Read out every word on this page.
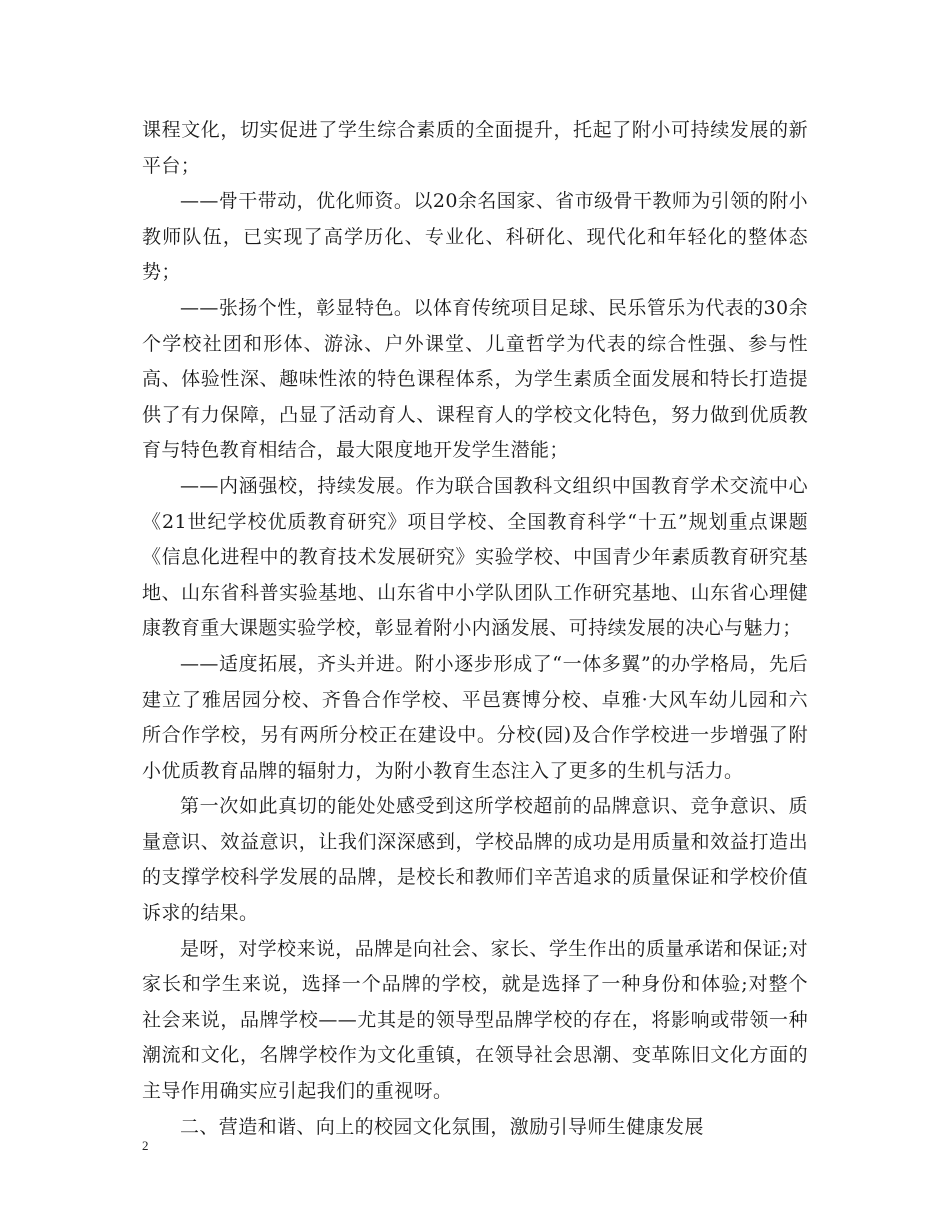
课程文化，切实促进了学生综合素质的全面提升，托起了附小可持续发展的新平台；

——骨干带动，优化师资。以20余名国家、省市级骨干教师为引领的附小教师队伍，已实现了高学历化、专业化、科研化、现代化和年轻化的整体态势；

——张扬个性，彰显特色。以体育传统项目足球、民乐管乐为代表的30余个学校社团和形体、游泳、户外课堂、儿童哲学为代表的综合性强、参与性高、体验性深、趣味性浓的特色课程体系，为学生素质全面发展和特长打造提供了有力保障，凸显了活动育人、课程育人的学校文化特色，努力做到优质教育与特色教育相结合，最大限度地开发学生潜能；

——内涵强校，持续发展。作为联合国教科文组织中国教育学术交流中心《21世纪学校优质教育研究》项目学校、全国教育科学“十五”规划重点课题《信息化进程中的教育技术发展研究》实验学校、中国青少年素质教育研究基地、山东省科普实验基地、山东省中小学队团队工作研究基地、山东省心理健康教育重大课题实验学校，彰显着附小内涵发展、可持续发展的决心与魅力；

——适度拓展，齐头并进。附小逐步形成了“一体多翼”的办学格局，先后建立了雅居园分校、齐鲁合作学校、平邑赛博分校、卓雅·大风车幼儿园和六所合作学校，另有两所分校正在建设中。分校(园)及合作学校进一步增强了附小优质教育品牌的辐射力，为附小教育生态注入了更多的生机与活力。

第一次如此真切的能处处感受到这所学校超前的品牌意识、竞争意识、质量意识、效益意识，让我们深深感到，学校品牌的成功是用质量和效益打造出的支撑学校科学发展的品牌，是校长和教师们辛苦追求的质量保证和学校价值诉求的结果。

是呀，对学校来说，品牌是向社会、家长、学生作出的质量承诺和保证;对家长和学生来说，选择一个品牌的学校，就是选择了一种身份和体验;对整个社会来说，品牌学校——尤其是的领导型品牌学校的存在，将影响或带领一种潮流和文化，名牌学校作为文化重镇，在领导社会思潮、变革陈旧文化方面的主导作用确实应引起我们的重视呀。

二、营造和谐、向上的校园文化氛围，激励引导师生健康发展

2
